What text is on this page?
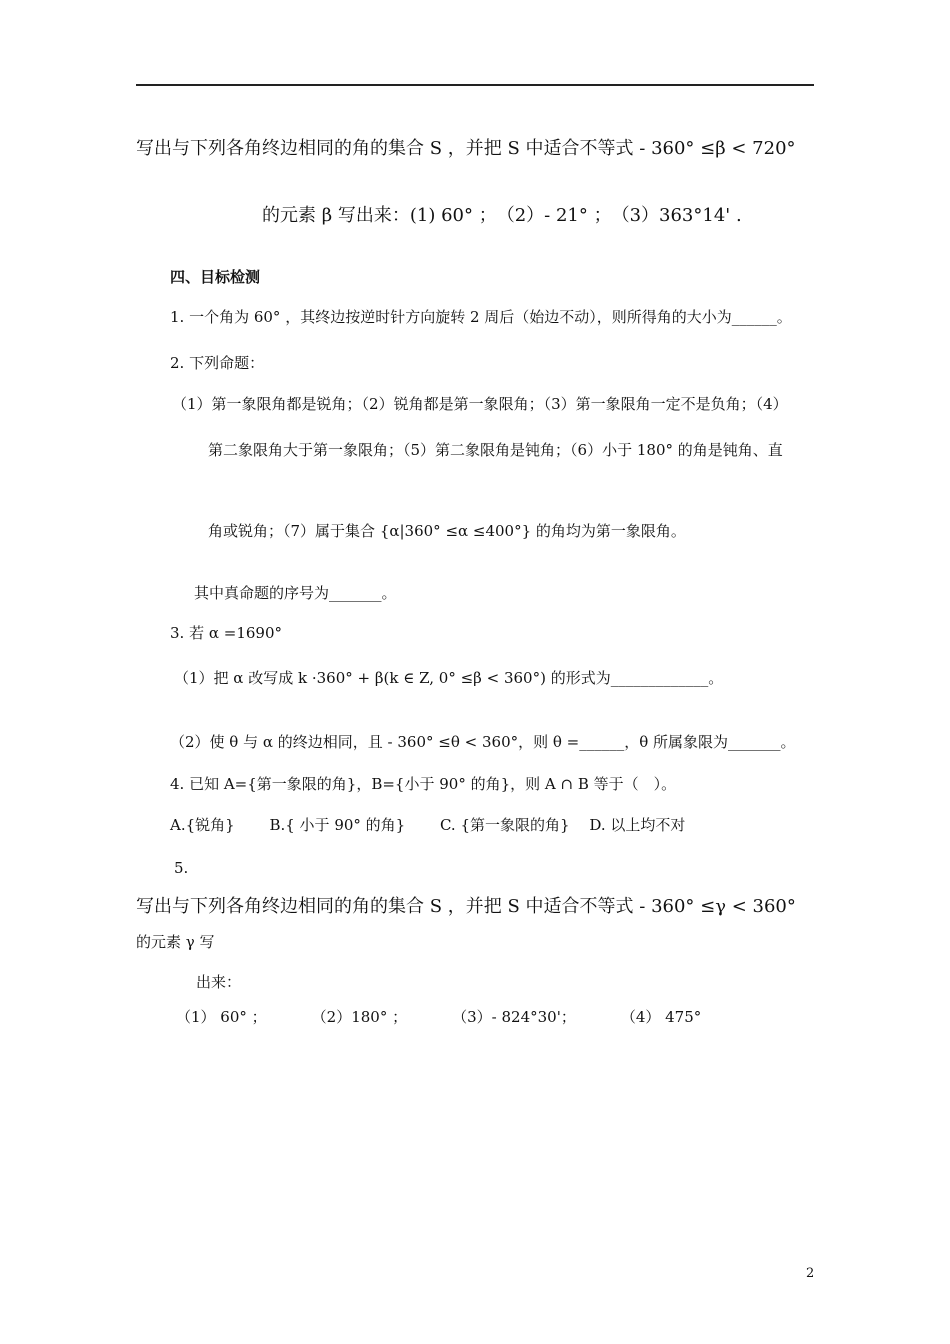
写出与下列各角终边相同的角的集合 S ，并把 S 中适合不等式 - 360° ≤β < 720°
的元素 β 写出来：(1) 60° ；　（2）- 21° ；　（3）363°14' .
四、目标检测
1. 一个角为 60° ，其终边按逆时针方向旋转 2 周后（始边不动），则所得角的大小为______。
2. 下列命题：
（1）第一象限角都是锐角；（2）锐角都是第一象限角；（3）第一象限角一定不是负角；（4）
第二象限角大于第一象限角；（5）第二象限角是钝角；（6）小于 180° 的角是钝角、直
角或锐角；（7）属于集合 {α|360° ≤α ≤400°} 的角均为第一象限角。
其中真命题的序号为_______。
3. 若 α =1690°
（1）把 α 改写成 k ·360° + β(k ∈ Z, 0° ≤β < 360°) 的形式为_____________。
（2）使 θ 与 α 的终边相同，且 - 360° ≤θ < 360°，则 θ =______，θ 所属象限为_______。
4. 已知 A={第一象限的角}，B={小于 90° 的角}，则 A ∩ B 等于（　）。
A.{锐角}　　 B.{ 小于 90° 的角}　　 C. {第一象限的角}　 D. 以上均不对
5.
写出与下列各角终边相同的角的集合 S ，并把 S 中适合不等式 - 360° ≤γ < 360°
的元素 γ 写
出来：
（1） 60° ；　　　　（2）180° ；　　　　（3）- 824°30'；　　　　（4） 475°
2
